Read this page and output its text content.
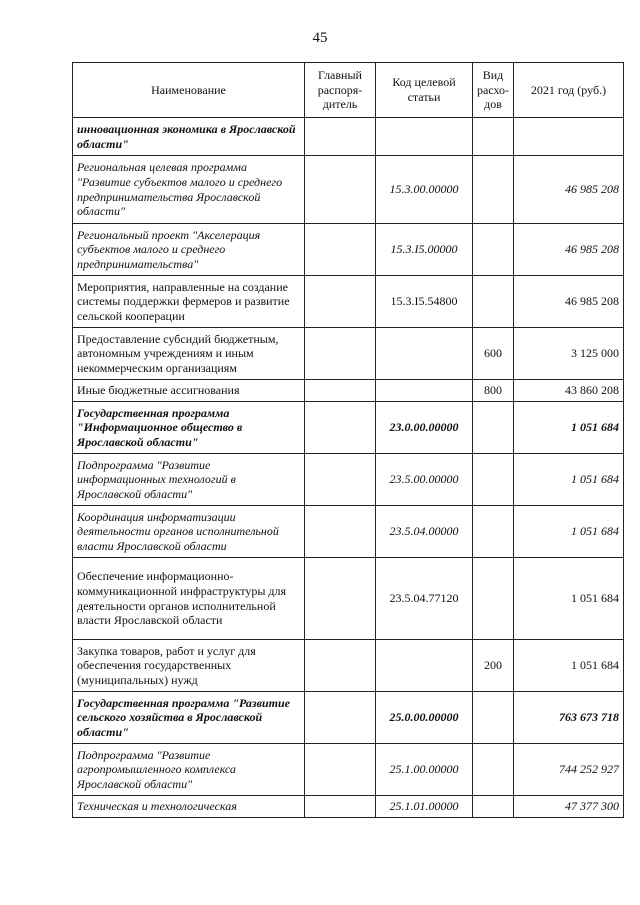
45
Наименование	Главный распоря-дитель	Код целевой статьи	Вид расхо-дов	2021 год (руб.)
инновационная экономика в Ярославской области"				
Региональная целевая программа "Развитие субъектов малого и среднего предпринимательства Ярославской области"		15.3.00.00000		46 985 208
Региональный проект "Акселерация субъектов малого и среднего предпринимательства"		15.3.I5.00000		46 985 208
Мероприятия, направленные на создание системы поддержки фермеров и развитие сельской кооперации		15.3.I5.54800		46 985 208
Предоставление субсидий бюджетным, автономным учреждениям и иным некоммерческим организациям			600	3 125 000
Иные бюджетные ассигнования			800	43 860 208
Государственная программа "Информационное общество в Ярославской области"		23.0.00.00000		1 051 684
Подпрограмма "Развитие информационных технологий в Ярославской области"		23.5.00.00000		1 051 684
Координация информатизации деятельности органов исполнительной власти Ярославской области		23.5.04.00000		1 051 684
Обеспечение информационно-коммуникационной инфраструктуры для деятельности органов исполнительной власти Ярославской области		23.5.04.77120		1 051 684
Закупка товаров, работ и услуг для обеспечения государственных (муниципальных) нужд			200	1 051 684
Государственная программа "Развитие сельского хозяйства в Ярославской области"		25.0.00.00000		763 673 718
Подпрограмма "Развитие агропромышленного комплекса Ярославской области"		25.1.00.00000		744 252 927
Техническая и технологическая		25.1.01.00000		47 377 300
